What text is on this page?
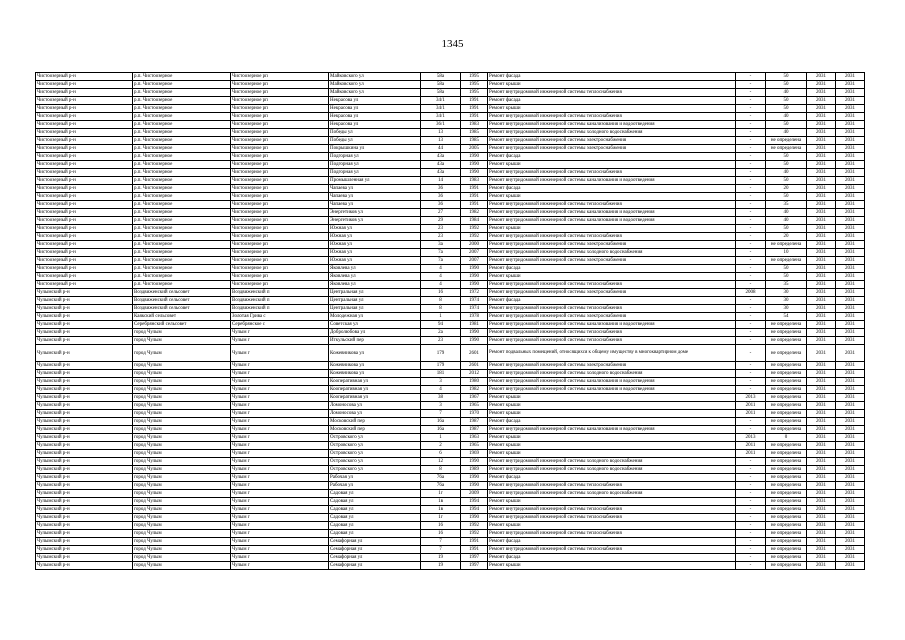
1345
Чистоозерный р-н	р.п. Чистоозерное	Чистоозерное рп	Майковского ул	58а	1995	Ремонт фасада	-	50	2031	2031
Чистоозерный р-н	р.п. Чистоозерное	Чистоозерное рп	Майковского ул	58а	1995	Ремонт крыши	-	50	2031	2031
Чистоозерный р-н	р.п. Чистоозерное	Чистоозерное рп	Майковского ул	58а	1995	Ремонт внутридомовой инженерной системы теплоснабжения	-	40	2031	2031
Чистоозерный р-н	р.п. Чистоозерное	Чистоозерное рп	Некрасова ул	34/1	1991	Ремонт фасада	-	50	2031	2031
Чистоозерный р-н	р.п. Чистоозерное	Чистоозерное рп	Некрасова ул	34/1	1991	Ремонт крыши	-	50	2031	2031
Чистоозерный р-н	р.п. Чистоозерное	Чистоозерное рп	Некрасова ул	34/1	1991	Ремонт внутридомовой инженерной системы теплоснабжения	-	40	2031	2031
Чистоозерный р-н	р.п. Чистоозерное	Чистоозерное рп	Некрасова ул	36/1	1983	Ремонт внутридомовой инженерной системы канализования и водоотведения	-	50	2031	2031
Чистоозерный р-н	р.п. Чистоозерное	Чистоозерное рп	Победы ул	13	1985	Ремонт внутридомовой инженерной системы холодного водоснабжения	-	40	2031	2031
Чистоозерный р-н	р.п. Чистоозерное	Чистоозерное рп	Победы ул	13	1985	Ремонт внутридомовой инженерной системы электроснабжения	-	не определена	2031	2031
Чистоозерный р-н	р.п. Чистоозерное	Чистоозерное рп	Покрышкина ул	44	2005	Ремонт внутридомовой инженерной системы электроснабжения	-	не определена	2031	2031
Чистоозерный р-н	р.п. Чистоозерное	Чистоозерное рп	Подгорная ул	43а	1990	Ремонт фасада	-	50	2031	2031
Чистоозерный р-н	р.п. Чистоозерное	Чистоозерное рп	Подгорная ул	43а	1990	Ремонт крыши	-	50	2031	2031
Чистоозерный р-н	р.п. Чистоозерное	Чистоозерное рп	Подгорная ул	43а	1990	Ремонт внутридомовой инженерной системы теплоснабжения	-	40	2031	2031
Чистоозерный р-н	р.п. Чистоозерное	Чистоозерное рп	Промышленная ул	14	1983	Ремонт внутридомовой инженерной системы канализования и водоотведения	-	50	2031	2031
Чистоозерный р-н	р.п. Чистоозерное	Чистоозерное рп	Чапаева ул	36	1991	Ремонт фасада	-	20	2031	2031
Чистоозерный р-н	р.п. Чистоозерное	Чистоозерное рп	Чапаева ул	36	1991	Ремонт крыши	-	50	2031	2031
Чистоозерный р-н	р.п. Чистоозерное	Чистоозерное рп	Чапаева ул	36	1991	Ремонт внутридомовой инженерной системы теплоснабжения	-	35	2031	2031
Чистоозерный р-н	р.п. Чистоозерное	Чистоозерное рп	Энергетиков ул	27	1982	Ремонт внутридомовой инженерной системы канализования и водоотведения	-	40	2031	2031
Чистоозерный р-н	р.п. Чистоозерное	Чистоозерное рп	Энергетиков ул	29	1984	Ремонт внутридомовой инженерной системы канализования и водоотведения	-	40	2031	2031
Чистоозерный р-н	р.п. Чистоозерное	Чистоозерное рп	Южная ул	23	1992	Ремонт крыши	-	50	2031	2031
Чистоозерный р-н	р.п. Чистоозерное	Чистоозерное рп	Южная ул	23	1992	Ремонт внутридомовой инженерной системы теплоснабжения	-	20	2031	2031
Чистоозерный р-н	р.п. Чистоозерное	Чистоозерное рп	Южная ул	3а	2000	Ремонт внутридомовой инженерной системы электроснабжения	-	не определена	2031	2031
Чистоозерный р-н	р.п. Чистоозерное	Чистоозерное рп	Южная ул	7а	2007	Ремонт внутридомовой инженерной системы холодного водоснабжения	-	10	2031	2031
Чистоозерный р-н	р.п. Чистоозерное	Чистоозерное рп	Южная ул	7а	2007	Ремонт внутридомовой инженерной системы электроснабжения	-	не определена	2031	2031
Чистоозерный р-н	р.п. Чистоозерное	Чистоозерное рп	Яковлева ул	4	1990	Ремонт фасада	-	50	2031	2031
Чистоозерный р-н	р.п. Чистоозерное	Чистоозерное рп	Яковлева ул	4	1990	Ремонт крыши	-	50	2031	2031
Чистоозерный р-н	р.п. Чистоозерное	Чистоозерное рп	Яковлева ул	4	1990	Ремонт внутридомовой инженерной системы теплоснабжения	-	35	2031	2031
Чулымский р-н	Воздвиженский сельсовет	Воздвиженский п	Центральная ул	16	1972	Ремонт внутридомовой инженерной системы электроснабжения	2008	30	2031	2031
Чулымский р-н	Воздвиженский сельсовет	Воздвиженский п	Центральная ул	8	1974	Ремонт фасада	-	30	2031	2031
Чулымский р-н	Воздвиженский сельсовет	Воздвиженский п	Центральная ул	8	1974	Ремонт внутридомовой инженерной системы теплоснабжения	-	30	2031	2031
Чулымский р-н	Каякский сельсовет	Золотая Грива с	Молодежная ул	1	1978	Ремонт внутридомовой инженерной системы электроснабжения	-	54	2031	2031
Чулымский р-н	Серебрянский сельсовет	Серебрянское с	Советская ул	94	1981	Ремонт внутридомовой инженерной системы канализования и водоотведения	-	не определена	2031	2031
Чулымский р-н	город Чулым	Чулым г	Добролюбова ул	2а	1990	Ремонт внутридомовой инженерной системы теплоснабжения	-	не определена	2031	2031
Чулымский р-н	город Чулым	Чулым г	Иткульский пер	23	1990	Ремонт внутридомовой инженерной системы теплоснабжения	-	не определена	2031	2031
Чулымский р-н	город Чулым	Чулым г	Кожевникова ул	179	2601	Ремонт подвальных помещений, относящихся к общему имуществу в многоквартирном доме	-	не определена	2031	2031
Чулымский р-н	город Чулым	Чулым г	Кожевникова ул	179	2601	Ремонт внутридомовой инженерной системы электроснабжения	-	не определена	2031	2031
Чулымский р-н	город Чулым	Чулым г	Кожевникова ул	181	2012	Ремонт внутридомовой инженерной системы холодного водоснабжения	-	не определена	2031	2031
Чулымский р-н	город Чулым	Чулым г	Кооперативная ул	3	1980	Ремонт внутридомовой инженерной системы канализования и водоотведения	-	не определена	2031	2031
Чулымский р-н	город Чулым	Чулым г	Кооперативная ул	4	1982	Ремонт внутридомовой инженерной системы канализования и водоотведения	-	не определена	2031	2031
Чулымский р-н	город Чулым	Чулым г	Кооперативная ул	38	1967	Ремонт крыши	2013	не определена	2031	2031
Чулымский р-н	город Чулым	Чулым г	Ломоносова ул	3	1965	Ремонт крыши	2011	не определена	2031	2031
Чулымский р-н	город Чулым	Чулым г	Ломоносова ул	7	1970	Ремонт крыши	2011	не определена	2031	2031
Чулымский р-н	город Чулым	Чулым г	Московский пер	16а	1987	Ремонт фасада	-	не определена	2031	2031
Чулымский р-н	город Чулым	Чулым г	Московский пер	16а	1987	Ремонт внутридомовой инженерной системы канализования и водоотведения	-	не определена	2031	2031
Чулымский р-н	город Чулым	Чулым г	Островского ул	1	1963	Ремонт крыши	2013	0	2031	2031
Чулымский р-н	город Чулым	Чулым г	Островского ул	2	1965	Ремонт крыши	2011	не определена	2031	2031
Чулымский р-н	город Чулым	Чулым г	Островского ул	6	1969	Ремонт крыши	2011	не определена	2031	2031
Чулымский р-н	город Чулым	Чулым г	Островского ул	12	1990	Ремонт внутридомовой инженерной системы холодного водоснабжения	-	не определена	2031	2031
Чулымский р-н	город Чулым	Чулым г	Островского ул	8	1989	Ремонт внутридомовой инженерной системы холодного водоснабжения	-	не определена	2031	2031
Чулымский р-н	город Чулым	Чулым г	Рабочая ул	76а	1990	Ремонт фасада	-	не определена	2031	2031
Чулымский р-н	город Чулым	Чулым г	Рабочая ул	76а	1990	Ремонт внутридомовой инженерной системы теплоснабжения	-	не определена	2031	2031
Чулымский р-н	город Чулым	Чулым г	Садовая ул	1г	2009	Ремонт внутридомовой инженерной системы холодного водоснабжения	-	не определена	2031	2031
Чулымский р-н	город Чулым	Чулым г	Садовая ул	1в	1994	Ремонт крыши	-	не определена	2031	2031
Чулымский р-н	город Чулым	Чулым г	Садовая ул	1в	1994	Ремонт внутридомовой инженерной системы теплоснабжения	-	не определена	2031	2031
Чулымский р-н	город Чулым	Чулым г	Садовая ул	1г	1990	Ремонт внутридомовой инженерной системы теплоснабжения	-	не определена	2031	2031
Чулымский р-н	город Чулым	Чулым г	Садовая ул	16	1992	Ремонт крыши	-	не определена	2031	2031
Чулымский р-н	город Чулым	Чулым г	Садовая ул	16	1992	Ремонт внутридомовой инженерной системы теплоснабжения	-	не определена	2031	2031
Чулымский р-н	город Чулым	Чулым г	Семафорная ул	7	1991	Ремонт фасада	-	не определена	2031	2031
Чулымский р-н	город Чулым	Чулым г	Семафорная ул	7	1991	Ремонт внутридомовой инженерной системы теплоснабжения	-	не определена	2031	2031
Чулымский р-н	город Чулым	Чулым г	Семафорная ул	19	1997	Ремонт фасада	-	не определена	2031	2031
Чулымский р-н	город Чулым	Чулым г	Семафорная ул	19	1997	Ремонт крыши	-	не определена	2031	2031
